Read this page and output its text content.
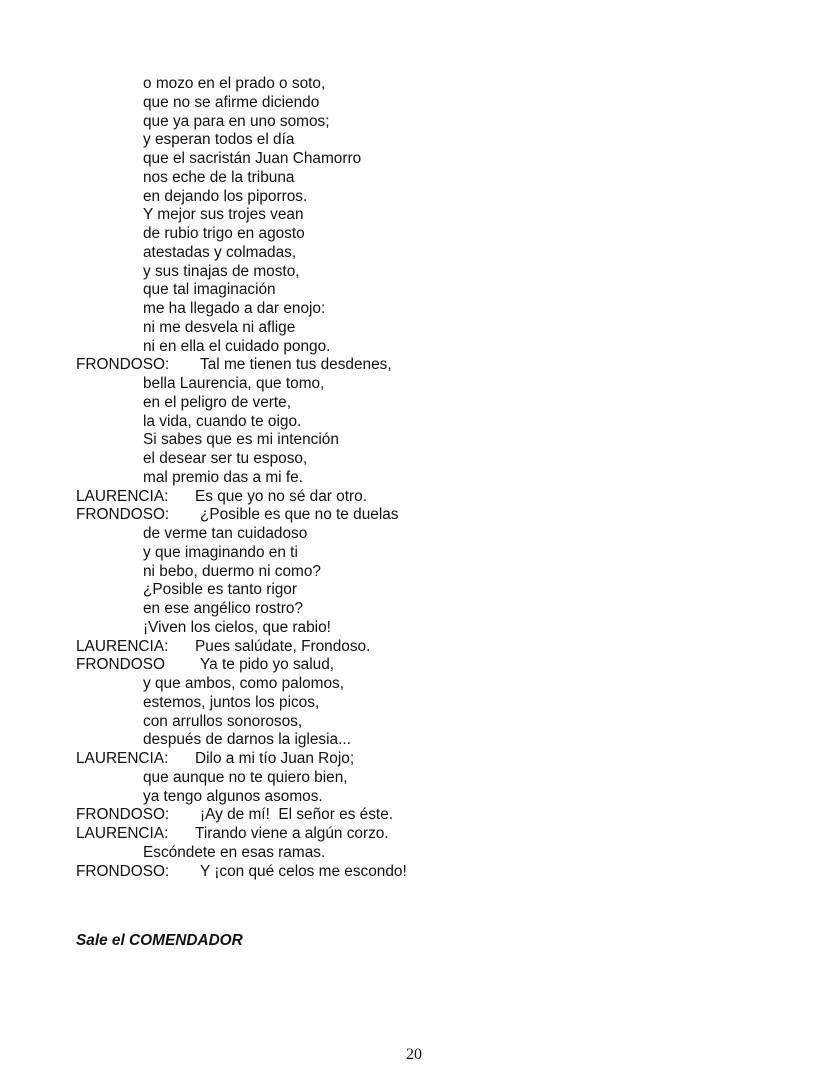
o mozo en el prado o soto,
que no se afirme diciendo
que ya para en uno somos;
y esperan todos el día
que el sacristán Juan Chamorro
nos eche de la tribuna
en dejando los piporros.
Y mejor sus trojes vean
de rubio trigo en agosto
atestadas y colmadas,
y sus tinajas de mosto,
que tal imaginación
me ha llegado a dar enojo:
ni me desvela ni aflige
ni en ella el cuidado pongo.
FRONDOSO: Tal me tienen tus desdenes,
bella Laurencia, que tomo,
en el peligro de verte,
la vida, cuando te oigo.
Si sabes que es mi intención
el desear ser tu esposo,
mal premio das a mi fe.
LAURENCIA: Es que yo no sé dar otro.
FRONDOSO: ¿Posible es que no te duelas
de verme tan cuidadoso
y que imaginando en ti
ni bebo, duermo ni como?
¿Posible es tanto rigor
en ese angélico rostro?
¡Viven los cielos, que rabio!
LAURENCIA: Pues salúdate, Frondoso.
FRONDOSO Ya te pido yo salud,
y que ambos, como palomos,
estemos, juntos los picos,
con arrullos sonorosos,
después de darnos la iglesia...
LAURENCIA: Dilo a mi tío Juan Rojo;
que aunque no te quiero bien,
ya tengo algunos asomos.
FRONDOSO: ¡Ay de mí!  El señor es éste.
LAURENCIA: Tirando viene a algún corzo.
Escóndete en esas ramas.
FRONDOSO: Y ¡con qué celos me escondo!
Sale el COMENDADOR
20
